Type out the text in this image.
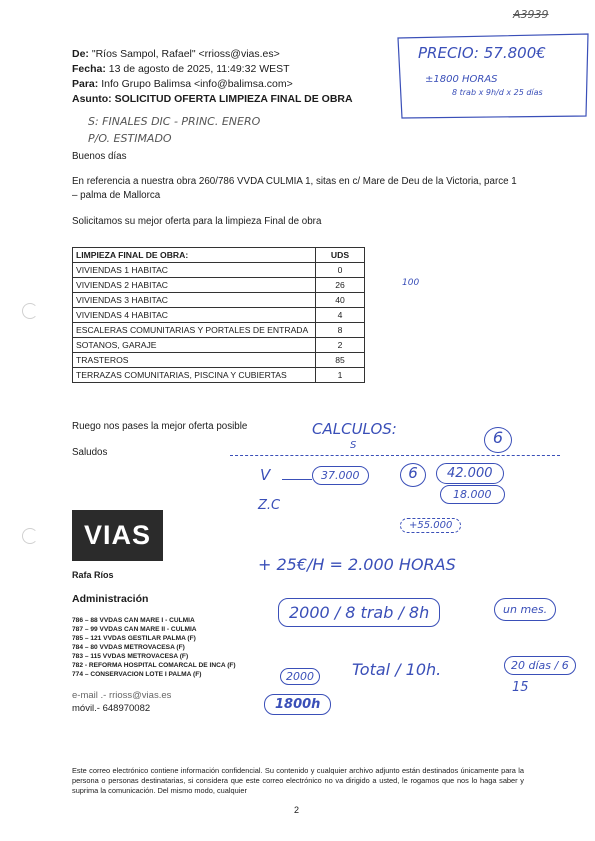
A3939
De: "Ríos Sampol, Rafael" <rrioss@vias.es>
Fecha: 13 de agosto de 2025, 11:49:32 WEST
Para: Info Grupo Balimsa <info@balimsa.com>
Asunto: SOLICITUD OFERTA LIMPIEZA FINAL DE OBRA
S: FINALES DIC - PRINC. ENERO
P/O. ESTIMADO
PRECIO: 57.800€
±1800 HORAS
8 trab x 9h/d x 25 días
Buenos días
En referencia a nuestra obra 260/786 VVDA CULMIA 1, sitas en c/ Mare de Deu de la Victoria, parce 1 – palma de Mallorca
Solicitamos su mejor oferta para la limpieza Final de obra
LIMPIEZA FINAL DE OBRA:	UDS
VIVIENDAS 1 HABITAC	0
VIVIENDAS 2 HABITAC	26
VIVIENDAS 3 HABITAC	40
VIVIENDAS 4 HABITAC	4
ESCALERAS COMUNITARIAS Y PORTALES DE ENTRADA	8
SOTANOS, GARAJE	2
TRASTEROS	85
TERRAZAS COMUNITARIAS, PISCINA Y CUBIERTAS	1
100
Ruego nos pases la mejor oferta posible
Saludos
CALCULOS:	6
S
V	37.000	6	42.000
Z.C
18.000
+55.000
+ 25€/H = 2.000 HORAS
2000 / 8 trab / 8h	un mes.
2000	Total / 10h.	20 días / 6
15
1800h
VIAS
Rafa Ríos
Administración
786 – 88 VVDAS CAN MARE I - CULMIA
787 – 99 VVDAS CAN MARE II - CULMIA
785 – 121 VVDAS GESTILAR PALMA (F)
784 – 80 VVDAS METROVACESA (F)
783 – 115 VVDAS METROVACESA (F)
782 - REFORMA HOSPITAL COMARCAL DE INCA (F)
774 – CONSERVACION LOTE I PALMA (F)
e-mail .- rrioss@vias.es
móvil.- 648970082
Este correo electrónico contiene información confidencial. Su contenido y cualquier archivo adjunto están destinados únicamente para la persona o personas destinatarias, si considera que este correo electrónico no va dirigido a usted, le rogamos que nos lo haga saber y suprima la comunicación. Del mismo modo, cualquier
2
